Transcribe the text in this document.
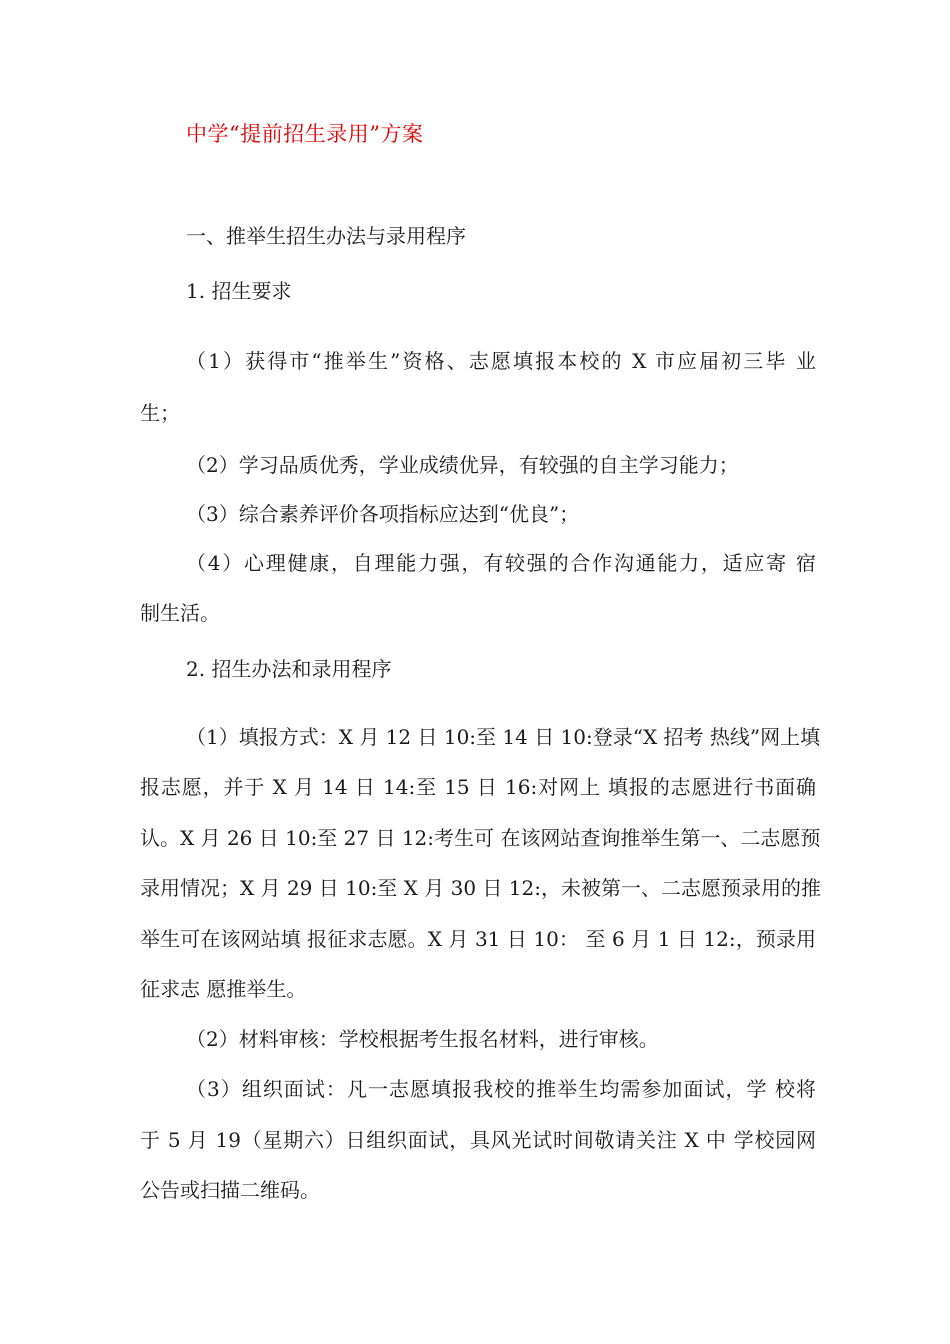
中学“提前招生录用”方案
一、推举生招生办法与录用程序
1. 招生要求
（1）获得市“推举生”资格、志愿填报本校的 X 市应届初三毕 业
生；
（2）学习品质优秀，学业成绩优异，有较强的自主学习能力；
（3）综合素养评价各项指标应达到“优良”；
（4）心理健康，自理能力强，有较强的合作沟通能力，适应寄 宿
制生活。
2. 招生办法和录用程序
（1）填报方式：X 月 12 日 10:至 14 日 10:登录“X 招考 热线”网上填
报志愿，并于 X 月 14 日 14:至 15 日 16:对网上 填报的志愿进行书面确
认。X 月 26 日 10:至 27 日 12:考生可 在该网站查询推举生第一、二志愿预
录用情况；X 月 29 日 10:至 X 月 30 日 12:，未被第一、二志愿预录用的推
举生可在该网站填 报征求志愿。X 月 31 日 10： 至 6 月 1 日 12:，预录用
征求志 愿推举生。
（2）材料审核：学校根据考生报名材料，进行审核。
（3）组织面试：凡一志愿填报我校的推举生均需参加面试，学 校将
于 5 月 19（星期六）日组织面试，具风光试时间敬请关注 X 中 学校园网
公告或扫描二维码。
